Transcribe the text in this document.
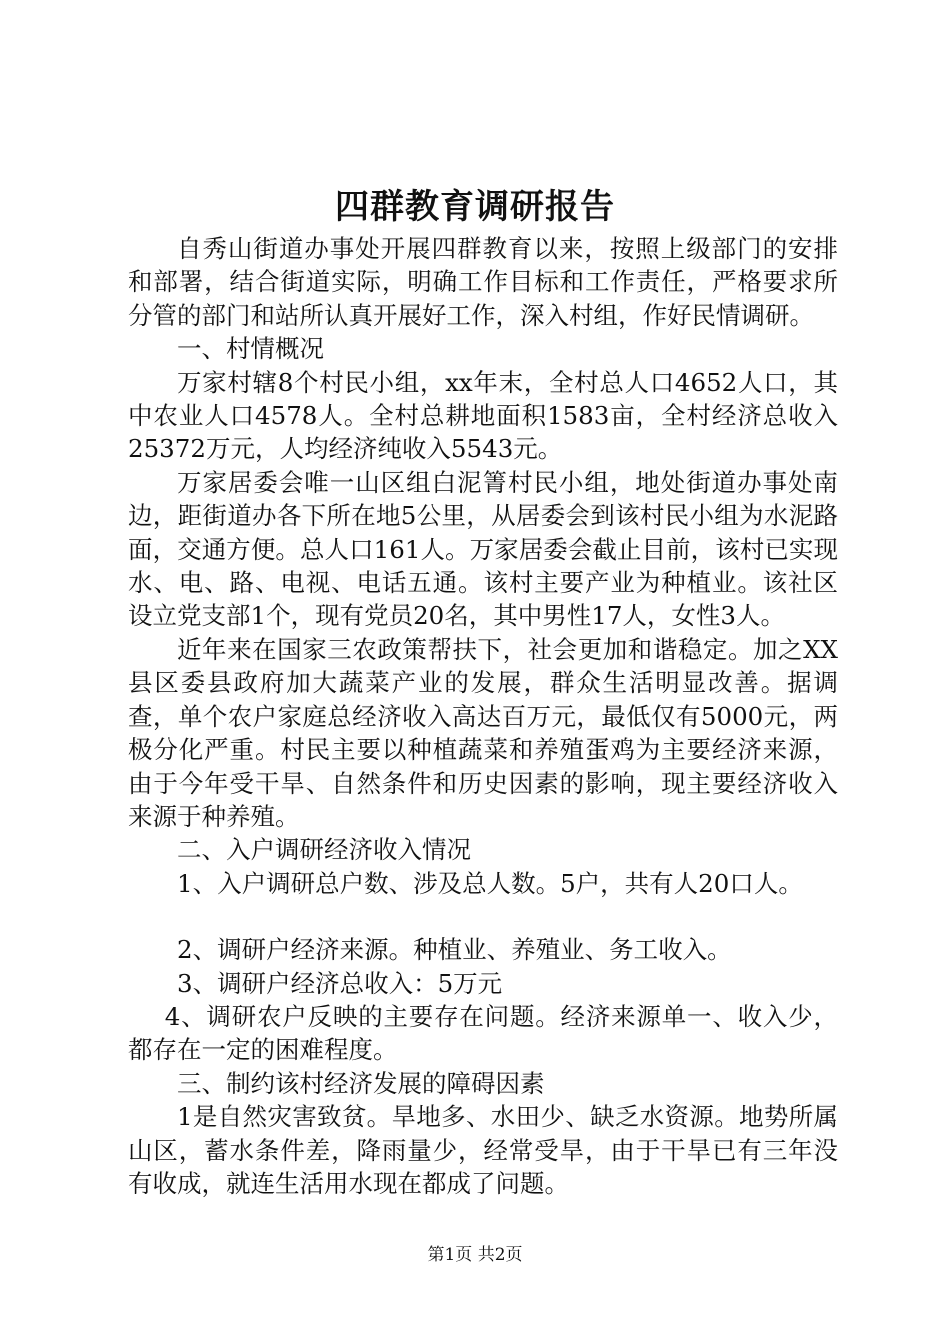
四群教育调研报告

自秀山街道办事处开展四群教育以来，按照上级部门的安排和部署，结合街道实际，明确工作目标和工作责任，严格要求所分管的部门和站所认真开展好工作，深入村组，作好民情调研。

一、村情概况

万家村辖8个村民小组，xx年末，全村总人口4652人口，其中农业人口4578人。全村总耕地面积1583亩，全村经济总收入25372万元，人均经济纯收入5543元。

万家居委会唯一山区组白泥箐村民小组，地处街道办事处南边，距街道办各下所在地5公里，从居委会到该村民小组为水泥路面，交通方便。总人口161人。万家居委会截止目前，该村已实现水、电、路、电视、电话五通。该村主要产业为种植业。该社区设立党支部1个，现有党员20名，其中男性17人，女性3人。

近年来在国家三农政策帮扶下，社会更加和谐稳定。加之XX县区委县政府加大蔬菜产业的发展，群众生活明显改善。据调查，单个农户家庭总经济收入高达百万元，最低仅有5000元，两极分化严重。村民主要以种植蔬菜和养殖蛋鸡为主要经济来源，由于今年受干旱、自然条件和历史因素的影响，现主要经济收入来源于种养殖。

二、入户调研经济收入情况

1、入户调研总户数、涉及总人数。5户，共有人20口人。

2、调研户经济来源。种植业、养殖业、务工收入。

3、调研户经济总收入：5万元

4、调研农户反映的主要存在问题。经济来源单一、收入少，都存在一定的困难程度。

三、制约该村经济发展的障碍因素

1是自然灾害致贫。旱地多、水田少、缺乏水资源。地势所属山区，蓄水条件差，降雨量少，经常受旱，由于干旱已有三年没有收成，就连生活用水现在都成了问题。

第1页 共2页
